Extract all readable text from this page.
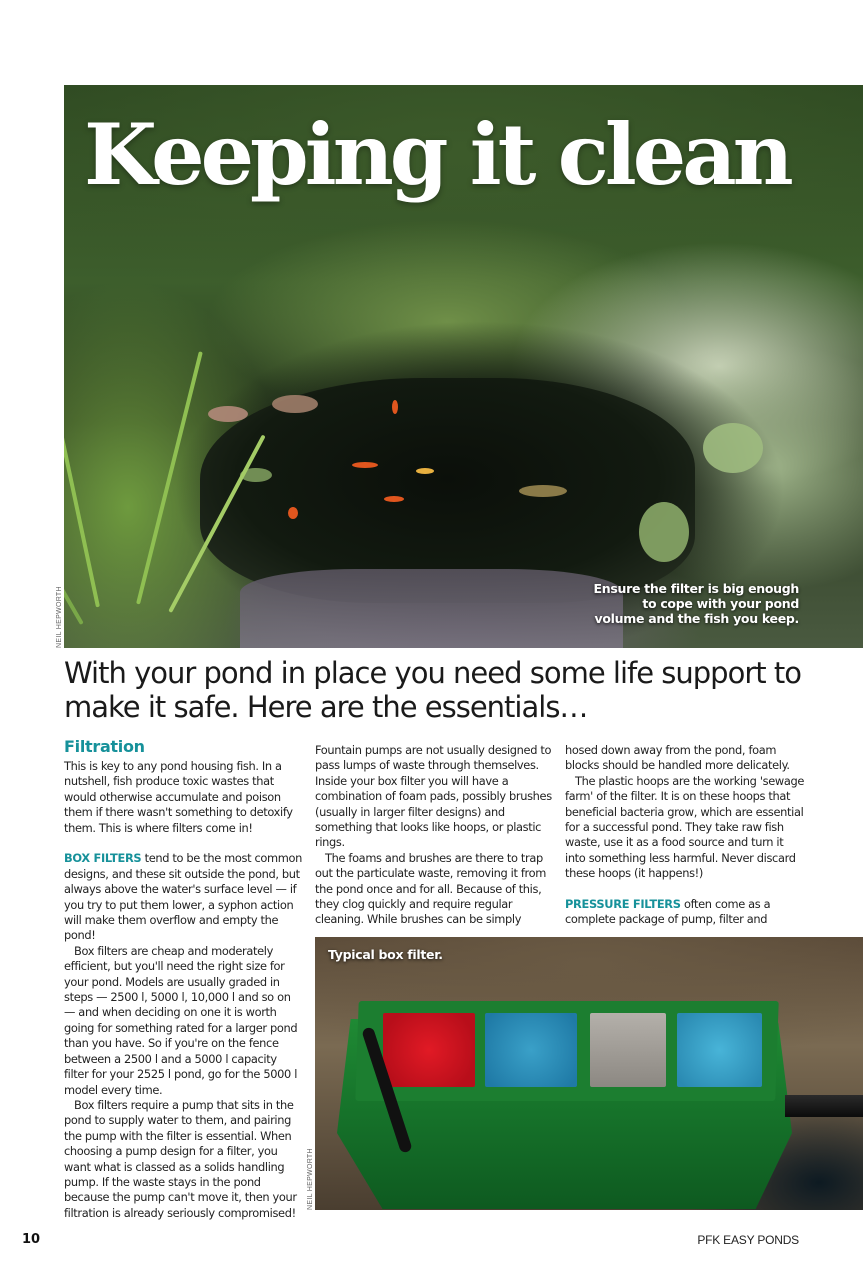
Keeping it clean
Ensure the filter is big enough
to cope with your pond
volume and the fish you keep.
NEIL HEPWORTH
With your pond in place you need some life support to make it safe. Here are the essentials…
Filtration

This is key to any pond housing fish. In a nutshell, fish produce toxic wastes that would otherwise accumulate and poison them if there wasn't something to detoxify them. This is where filters come in!

BOX FILTERS tend to be the most common designs, and these sit outside the pond, but always above the water's surface level — if you try to put them lower, a syphon action will make them overflow and empty the pond!

Box filters are cheap and moderately efficient, but you'll need the right size for your pond. Models are usually graded in steps — 2500 l, 5000 l, 10,000 l and so on — and when deciding on one it is worth going for something rated for a larger pond than you have. So if you're on the fence between a 2500 l and a 5000 l capacity filter for your 2525 l pond, go for the 5000 l model every time.

Box filters require a pump that sits in the pond to supply water to them, and pairing the pump with the filter is essential. When choosing a pump design for a filter, you want what is classed as a solids handling pump. If the waste stays in the pond because the pump can't move it, then your filtration is already seriously compromised!

Fountain pumps are not usually designed to pass lumps of waste through themselves. Inside your box filter you will have a combination of foam pads, possibly brushes (usually in larger filter designs) and something that looks like hoops, or plastic rings.

The foams and brushes are there to trap out the particulate waste, removing it from the pond once and for all. Because of this, they clog quickly and require regular cleaning. While brushes can be simply

hosed down away from the pond, foam blocks should be handled more delicately.

The plastic hoops are the working 'sewage farm' of the filter. It is on these hoops that beneficial bacteria grow, which are essential for a successful pond. They take raw fish waste, use it as a food source and turn it into something less harmful. Never discard these hoops (it happens!)

PRESSURE FILTERS often come as a complete package of pump, filter and

Typical box filter.
NEIL HEPWORTH
10	PFK EASY PONDS
